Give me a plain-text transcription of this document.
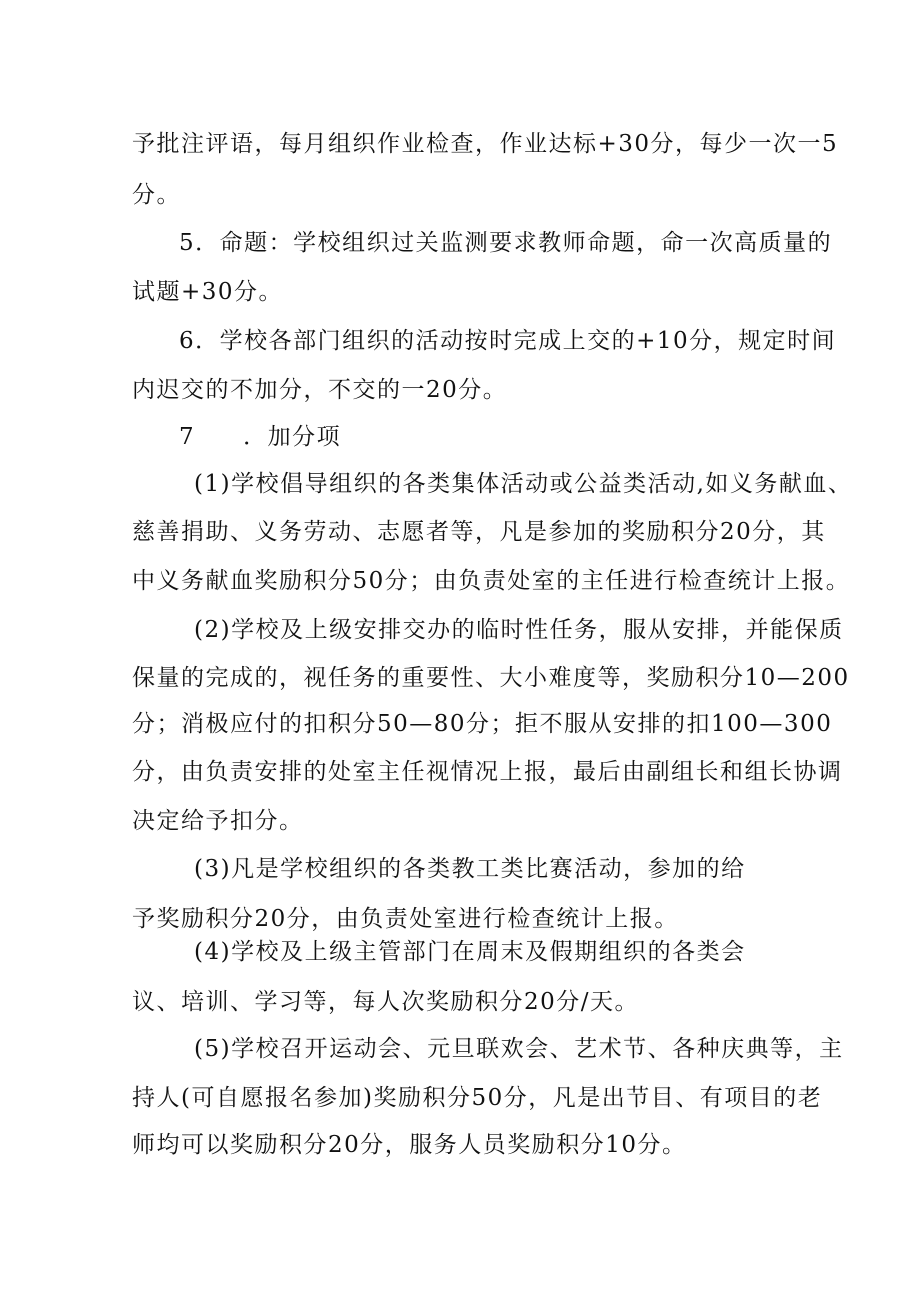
予批注评语，每月组织作业检查，作业达标+30分，每少一次一5
分。
5．命题：学校组织过关监测要求教师命题，命一次高质量的
试题+30分。
6．学校各部门组织的活动按时完成上交的+10分，规定时间
内迟交的不加分，不交的一20分。
7 ．加分项
(1)学校倡导组织的各类集体活动或公益类活动,如义务献血、
慈善捐助、义务劳动、志愿者等，凡是参加的奖励积分20分，其
中义务献血奖励积分50分；由负责处室的主任进行检查统计上报。
(2)学校及上级安排交办的临时性任务，服从安排，并能保质
保量的完成的，视任务的重要性、大小难度等，奖励积分10—200
分；消极应付的扣积分50—80分；拒不服从安排的扣100—300
分，由负责安排的处室主任视情况上报，最后由副组长和组长协调
决定给予扣分。
(3)凡是学校组织的各类教工类比赛活动，参加的给
予奖励积分20分，由负责处室进行检查统计上报。
(4)学校及上级主管部门在周末及假期组织的各类会
议、培训、学习等，每人次奖励积分20分/天。
(5)学校召开运动会、元旦联欢会、艺术节、各种庆典等，主
持人(可自愿报名参加)奖励积分50分，凡是出节目、有项目的老
师均可以奖励积分20分，服务人员奖励积分10分。
